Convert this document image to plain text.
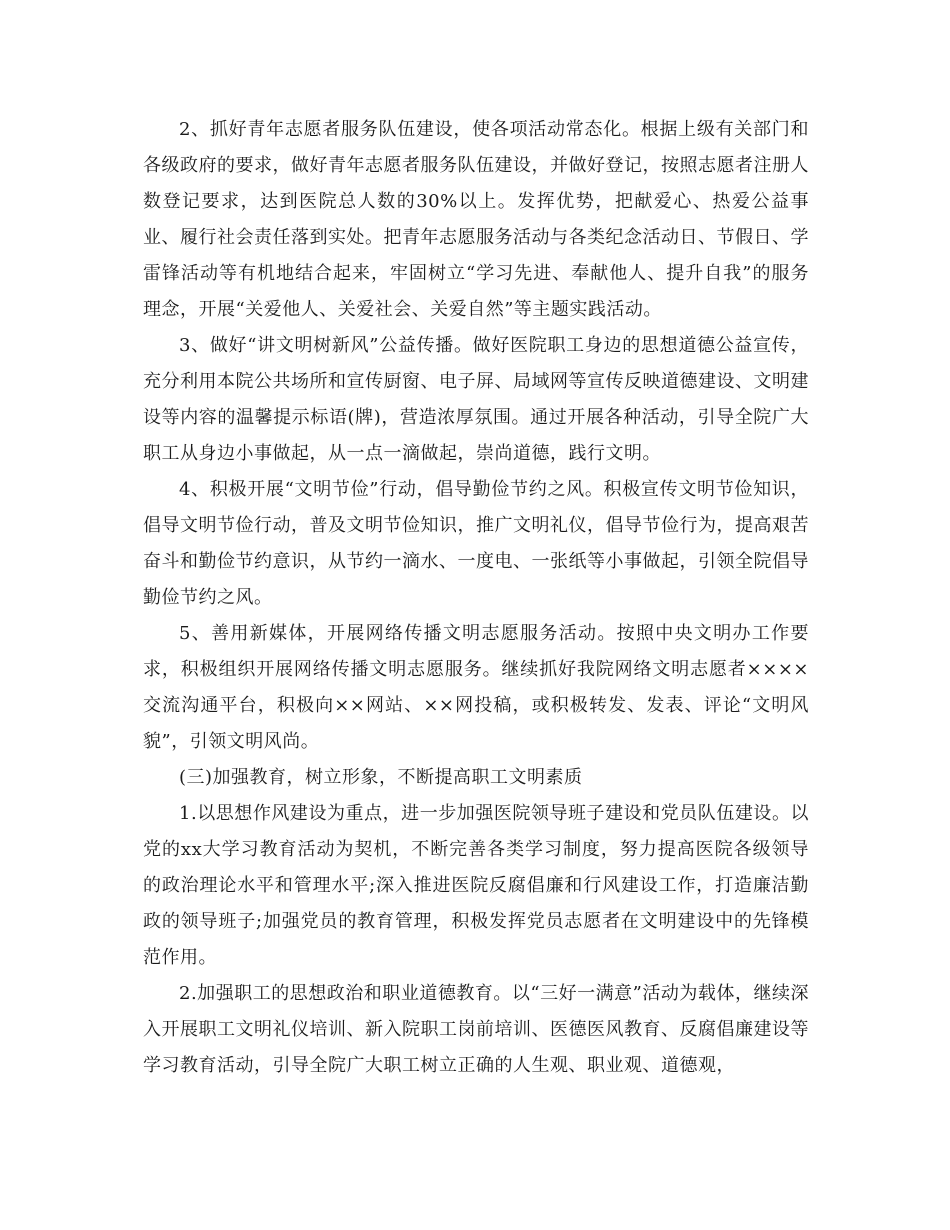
2、抓好青年志愿者服务队伍建设，使各项活动常态化。根据上级有关部门和各级政府的要求，做好青年志愿者服务队伍建设，并做好登记，按照志愿者注册人数登记要求，达到医院总人数的30%以上。发挥优势，把献爱心、热爱公益事业、履行社会责任落到实处。把青年志愿服务活动与各类纪念活动日、节假日、学雷锋活动等有机地结合起来，牢固树立“学习先进、奉献他人、提升自我”的服务理念，开展“关爱他人、关爱社会、关爱自然”等主题实践活动。

3、做好“讲文明树新风”公益传播。做好医院职工身边的思想道德公益宣传，充分利用本院公共场所和宣传厨窗、电子屏、局域网等宣传反映道德建设、文明建设等内容的温馨提示标语(牌)，营造浓厚氛围。通过开展各种活动，引导全院广大职工从身边小事做起，从一点一滴做起，崇尚道德，践行文明。

4、积极开展“文明节俭”行动，倡导勤俭节约之风。积极宣传文明节俭知识，倡导文明节俭行动，普及文明节俭知识，推广文明礼仪，倡导节俭行为，提高艰苦奋斗和勤俭节约意识，从节约一滴水、一度电、一张纸等小事做起，引领全院倡导勤俭节约之风。

5、善用新媒体，开展网络传播文明志愿服务活动。按照中央文明办工作要求，积极组织开展网络传播文明志愿服务。继续抓好我院网络文明志愿者××××交流沟通平台，积极向××网站、××网投稿，或积极转发、发表、评论“文明风貌”，引领文明风尚。

(三)加强教育，树立形象，不断提高职工文明素质

1.以思想作风建设为重点，进一步加强医院领导班子建设和党员队伍建设。以党的xx大学习教育活动为契机，不断完善各类学习制度，努力提高医院各级领导的政治理论水平和管理水平;深入推进医院反腐倡廉和行风建设工作，打造廉洁勤政的领导班子;加强党员的教育管理，积极发挥党员志愿者在文明建设中的先锋模范作用。

2.加强职工的思想政治和职业道德教育。以“三好一满意”活动为载体，继续深入开展职工文明礼仪培训、新入院职工岗前培训、医德医风教育、反腐倡廉建设等学习教育活动，引导全院广大职工树立正确的人生观、职业观、道德观，
